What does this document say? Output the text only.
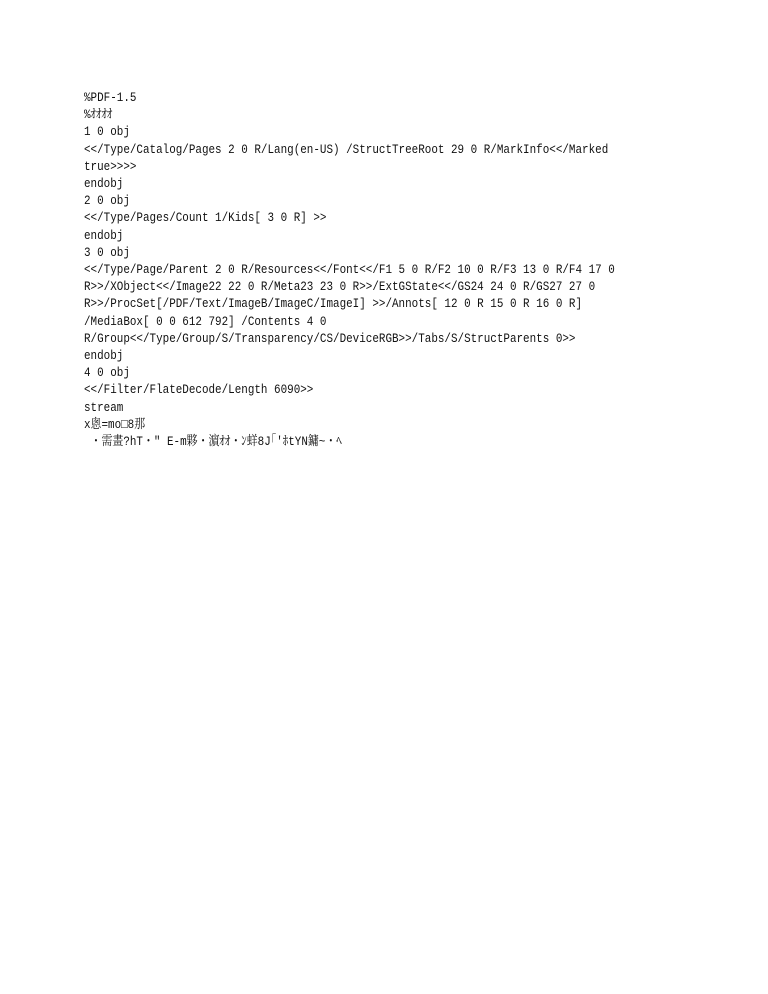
%PDF-1.5
%ｵｵｵｵ
1 0 obj
<</Type/Catalog/Pages 2 0 R/Lang(en-US) /StructTreeRoot 29 0 R/MarkInfo<</Marked
true>>>>
endobj
2 0 obj
<</Type/Pages/Count 1/Kids[ 3 0 R] >>
endobj
3 0 obj
<</Type/Page/Parent 2 0 R/Resources<</Font<</F1 5 0 R/F2 10 0 R/F3 13 0 R/F4 17 0
R>>/XObject<</Image22 22 0 R/Meta23 23 0 R>>/ExtGState<</GS24 24 0 R/GS27 27 0
R>>/ProcSet[/PDF/Text/ImageB/ImageC/ImageI] >>/Annots[ 12 0 R 15 0 R 16 0 R]
/MediaBox[ 0 0 612 792] /Contents 4 0
R/Group<</Type/Group/S/Transparency/CS/DeviceRGB>>/Tabs/S/StructParents 0>>
endobj
4 0 obj
<</Filter/FlateDecode/Length 6090>>
stream
x悤=mo□8那
・需畫?hT・″ E-m夥・濵ｵｵ・ﾝ蛘8J｢'ﾎtYN鏞~・ﾍ
